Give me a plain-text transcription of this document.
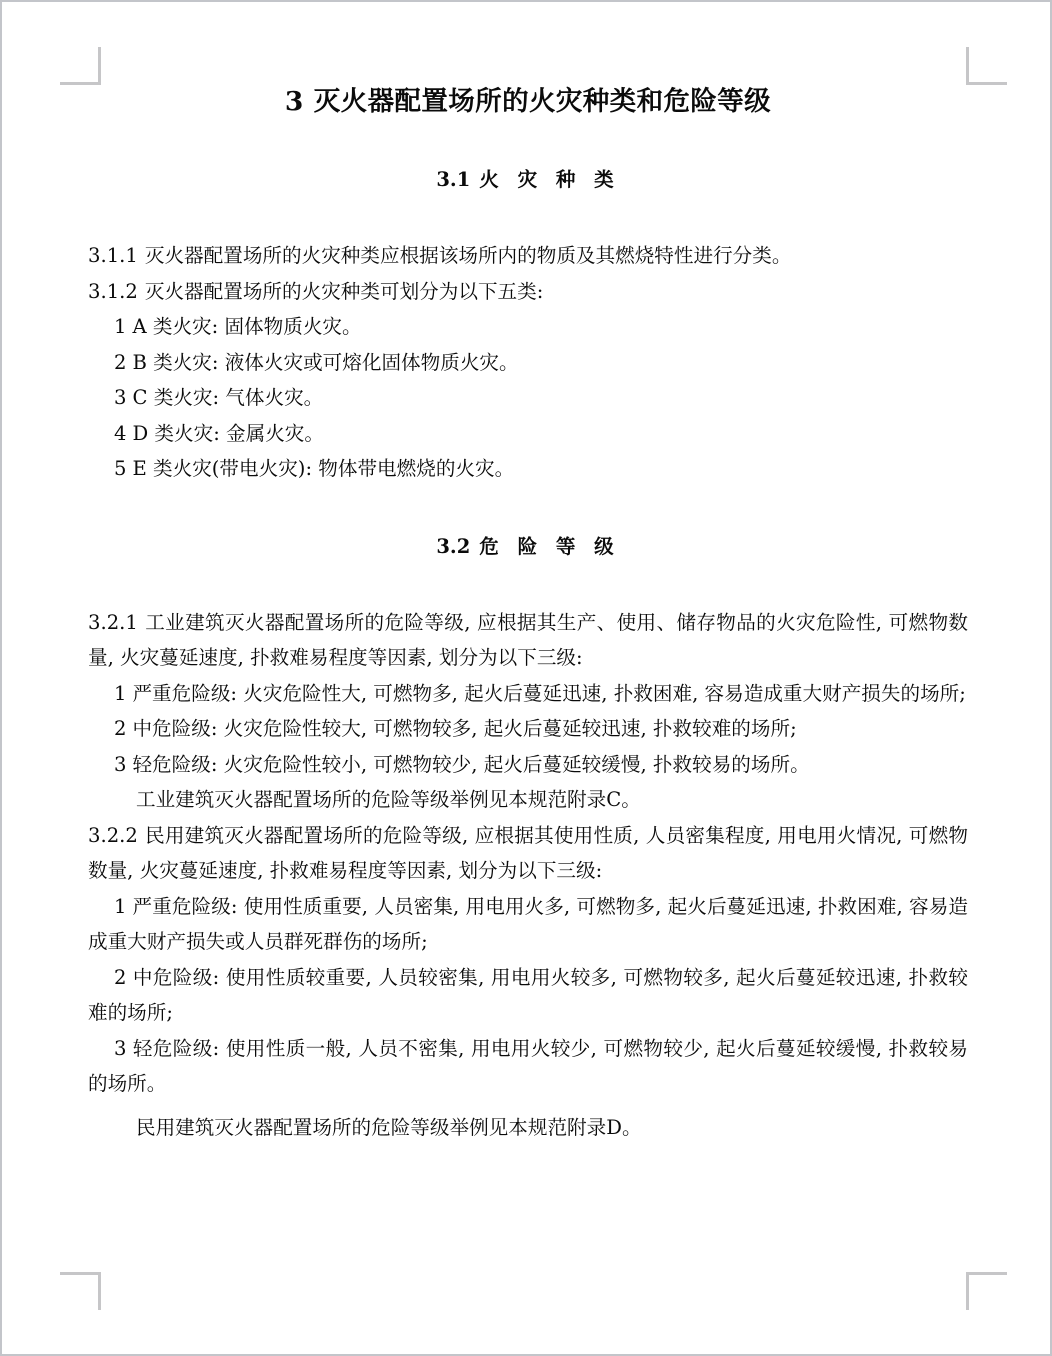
3 灭火器配置场所的火灾种类和危险等级
3.1 火 灾 种 类

3.1.1 灭火器配置场所的火灾种类应根据该场所内的物质及其燃烧特性进行分类。

3.1.2 灭火器配置场所的火灾种类可划分为以下五类:

1 A 类火灾: 固体物质火灾。

2 B 类火灾: 液体火灾或可熔化固体物质火灾。

3 C 类火灾: 气体火灾。

4 D 类火灾: 金属火灾。

5 E 类火灾(带电火灾): 物体带电燃烧的火灾。

3.2 危 险 等 级

3.2.1 工业建筑灭火器配置场所的危险等级, 应根据其生产、使用、储存物品的火灾危险性, 可燃物数量, 火灾蔓延速度, 扑救难易程度等因素, 划分为以下三级:

1 严重危险级: 火灾危险性大, 可燃物多, 起火后蔓延迅速, 扑救困难, 容易造成重大财产损失的场所;

2 中危险级: 火灾危险性较大, 可燃物较多, 起火后蔓延较迅速, 扑救较难的场所;

3 轻危险级: 火灾危险性较小, 可燃物较少, 起火后蔓延较缓慢, 扑救较易的场所。

工业建筑灭火器配置场所的危险等级举例见本规范附录C。

3.2.2 民用建筑灭火器配置场所的危险等级, 应根据其使用性质, 人员密集程度, 用电用火情况, 可燃物数量, 火灾蔓延速度, 扑救难易程度等因素, 划分为以下三级:

1 严重危险级: 使用性质重要, 人员密集, 用电用火多, 可燃物多, 起火后蔓延迅速, 扑救困难, 容易造成重大财产损失或人员群死群伤的场所;

2 中危险级: 使用性质较重要, 人员较密集, 用电用火较多, 可燃物较多, 起火后蔓延较迅速, 扑救较难的场所;

3 轻危险级: 使用性质一般, 人员不密集, 用电用火较少, 可燃物较少, 起火后蔓延较缓慢, 扑救较易的场所。

民用建筑灭火器配置场所的危险等级举例见本规范附录D。
